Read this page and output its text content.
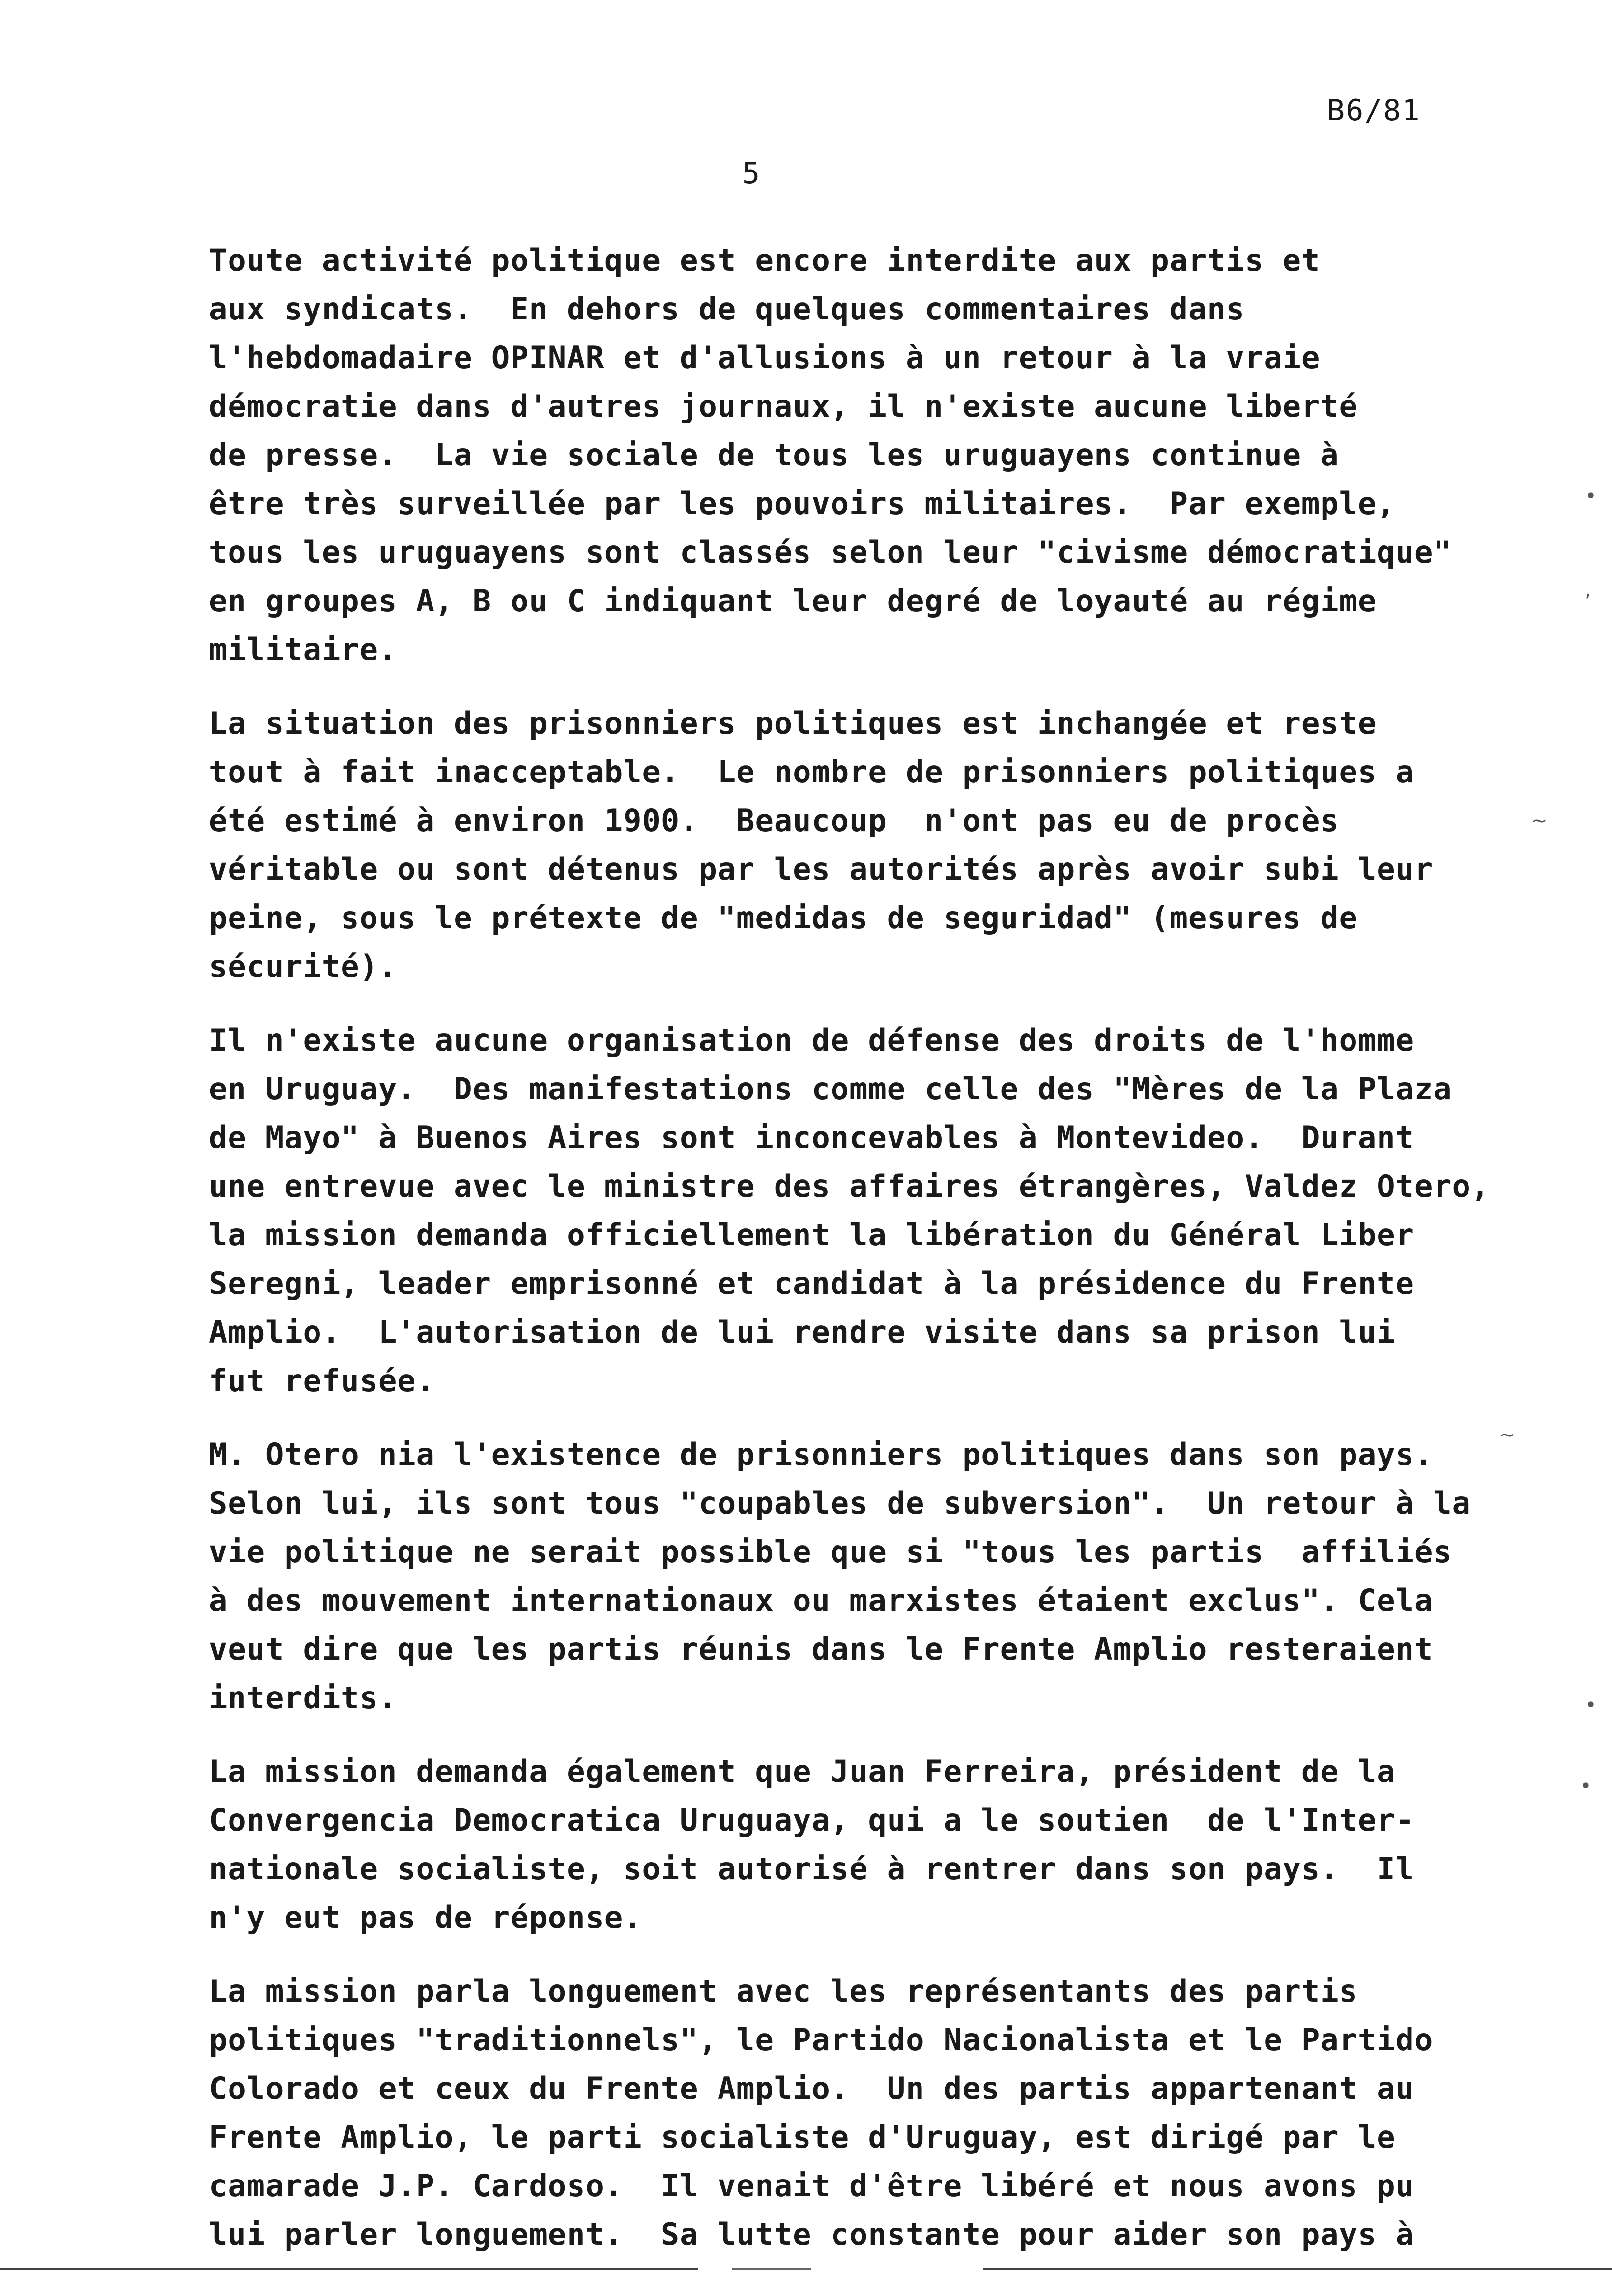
B6/81
5
Toute activité politique est encore interdite aux partis et
aux syndicats.  En dehors de quelques commentaires dans
l'hebdomadaire OPINAR et d'allusions à un retour à la vraie
démocratie dans d'autres journaux, il n'existe aucune liberté
de presse.  La vie sociale de tous les uruguayens continue à
être très surveillée par les pouvoirs militaires.  Par exemple,
tous les uruguayens sont classés selon leur "civisme démocratique"
en groupes A, B ou C indiquant leur degré de loyauté au régime
militaire.
La situation des prisonniers politiques est inchangée et reste
tout à fait inacceptable.  Le nombre de prisonniers politiques a
été estimé à environ 1900.  Beaucoup  n'ont pas eu de procès
véritable ou sont détenus par les autorités après avoir subi leur
peine, sous le prétexte de "medidas de seguridad" (mesures de
sécurité).
Il n'existe aucune organisation de défense des droits de l'homme
en Uruguay.  Des manifestations comme celle des "Mères de la Plaza
de Mayo" à Buenos Aires sont inconcevables à Montevideo.  Durant
une entrevue avec le ministre des affaires étrangères, Valdez Otero,
la mission demanda officiellement la libération du Général Liber
Seregni, leader emprisonné et candidat à la présidence du Frente
Amplio.  L'autorisation de lui rendre visite dans sa prison lui
fut refusée.
M. Otero nia l'existence de prisonniers politiques dans son pays.
Selon lui, ils sont tous "coupables de subversion".  Un retour à la
vie politique ne serait possible que si "tous les partis  affiliés
à des mouvement internationaux ou marxistes étaient exclus". Cela
veut dire que les partis réunis dans le Frente Amplio resteraient
interdits.
La mission demanda également que Juan Ferreira, président de la
Convergencia Democratica Uruguaya, qui a le soutien  de l'Inter-
nationale socialiste, soit autorisé à rentrer dans son pays.  Il
n'y eut pas de réponse.
La mission parla longuement avec les représentants des partis
politiques "traditionnels", le Partido Nacionalista et le Partido
Colorado et ceux du Frente Amplio.  Un des partis appartenant au
Frente Amplio, le parti socialiste d'Uruguay, est dirigé par le
camarade J.P. Cardoso.  Il venait d'être libéré et nous avons pu
lui parler longuement.  Sa lutte constante pour aider son pays à
•
,
~
~
•
•
